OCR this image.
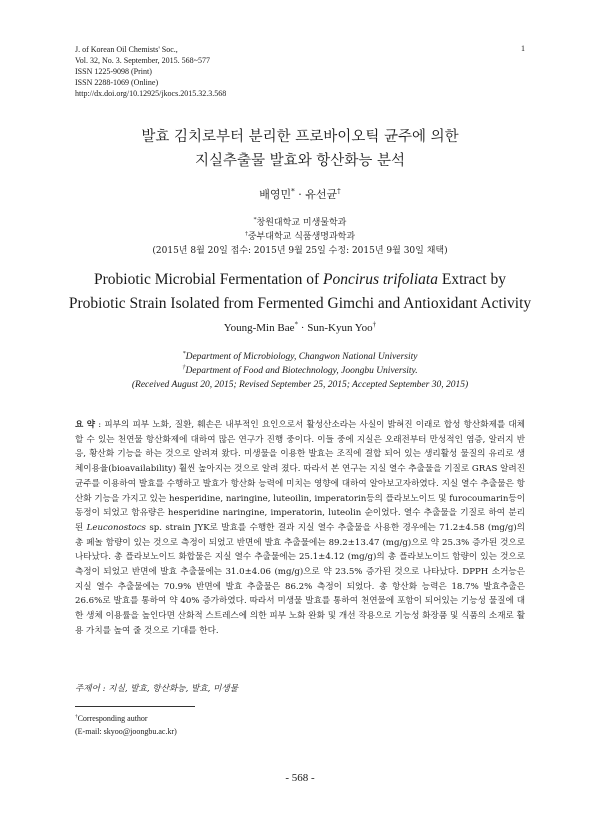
J. of Korean Oil Chemists' Soc.,

Vol. 32, No. 3. September, 2015. 568~577

ISSN 1225-9098 (Print)

ISSN 2288-1069 (Online)

http://dx.doi.org/10.12925/jkocs.2015.32.3.568

1

발효 김치로부터 분리한 프로바이오틱 균주에 의한

지실추출물 발효와 항산화능 분석

배영민* · 유선균†

*창원대학교 미생물학과

†중부대학교 식품생명과학과

(2015년 8월 20일 접수: 2015년 9월 25일 수정: 2015년 9월 30일 채택)

Probiotic Microbial Fermentation of Poncirus trifoliata Extract by

Probiotic Strain Isolated from Fermented Gimchi and Antioxidant Activity

Young-Min Bae* · Sun-Kyun Yoo†

*Department of Microbiology, Changwon National University

†Department of Food and Biotechnology, Joongbu University.

(Received August 20, 2015; Revised September 25, 2015; Accepted September 30, 2015)

요 약 : 피부의 피부 노화, 질환, 훼손은 내부적인 요인으로서 활성산소라는 사실이 밝혀진 이래로 합성 항산화제를 대체할 수 있는 천연물 항산화제에 대하여 많은 연구가 진행 중이다. 이들 중에 지실은 오래전부터 만성적인 염증, 알러지 반응, 황산화 기능을 하는 것으로 알려져 왔다. 미생물을 이용한 발효는 조직에 결합 되어 있는 생리활성 물질의 유리로 생체이용율(bioavailability) 훨씬 높아지는 것으로 알려 졌다. 따라서 본 연구는 지실 열수 추출물을 기질로 GRAS 알려진 균주를 이용하여 발효를 수행하고 발효가 항산화 능력에 미치는 영향에 대하여 알아보고자하였다. 지실 열수 추출물은 항산화 기능을 가지고 있는 hesperidine, naringine, luteoilin, imperatorin등의 플라보노이드 및 furocoumarin등이 동정이 되었고 함유량은 hesperidine naringine, imperatorin, luteolin 순이었다. 열수 추출물을 기질로 하여 분리된 Leuconostocs sp. strain JYK로 발효를 수행한 결과 지실 열수 추출물을 사용한 경우에는 71.2±4.58 (mg/g)의 총 페놀 함량이 있는 것으로 측정이 되었고 반면에 발효 추출물에는 89.2±13.47 (mg/g)으로 약 25.3% 증가된 것으로 나타났다. 총 플라보노이드 화합물은 지실 열수 추출물에는 25.1±4.12 (mg/g)의 총 플라보노이드 함량이 있는 것으로 측정이 되었고 반면에 발효 추출물에는 31.0±4.06 (mg/g)으로 약 23.5% 증가된 것으로 나타났다. DPPH 소거능은 지실 열수 추출물에는 70.9% 반면에 발효 추출물은 86.2% 측정이 되었다. 총 항산화 능력은 18.7% 발효추출은 26.6%로 발효를 통하여 약 40% 증가하였다. 따라서 미생물 발효를 통하여 천연물에 포함이 되어있는 기능성 물질에 대한 생체 이용률을 높인다면 산화적 스트레스에 의한 피부 노화 완화 및 개선 작용으로 기능성 화장품 및 식품의 소재로 활용 가치를 높여 줄 것으로 기대를 한다.

주제어 : 지실, 발효, 항산화능, 발효, 미생물

†Corresponding author

(E-mail: skyoo@joongbu.ac.kr)

- 568 -
